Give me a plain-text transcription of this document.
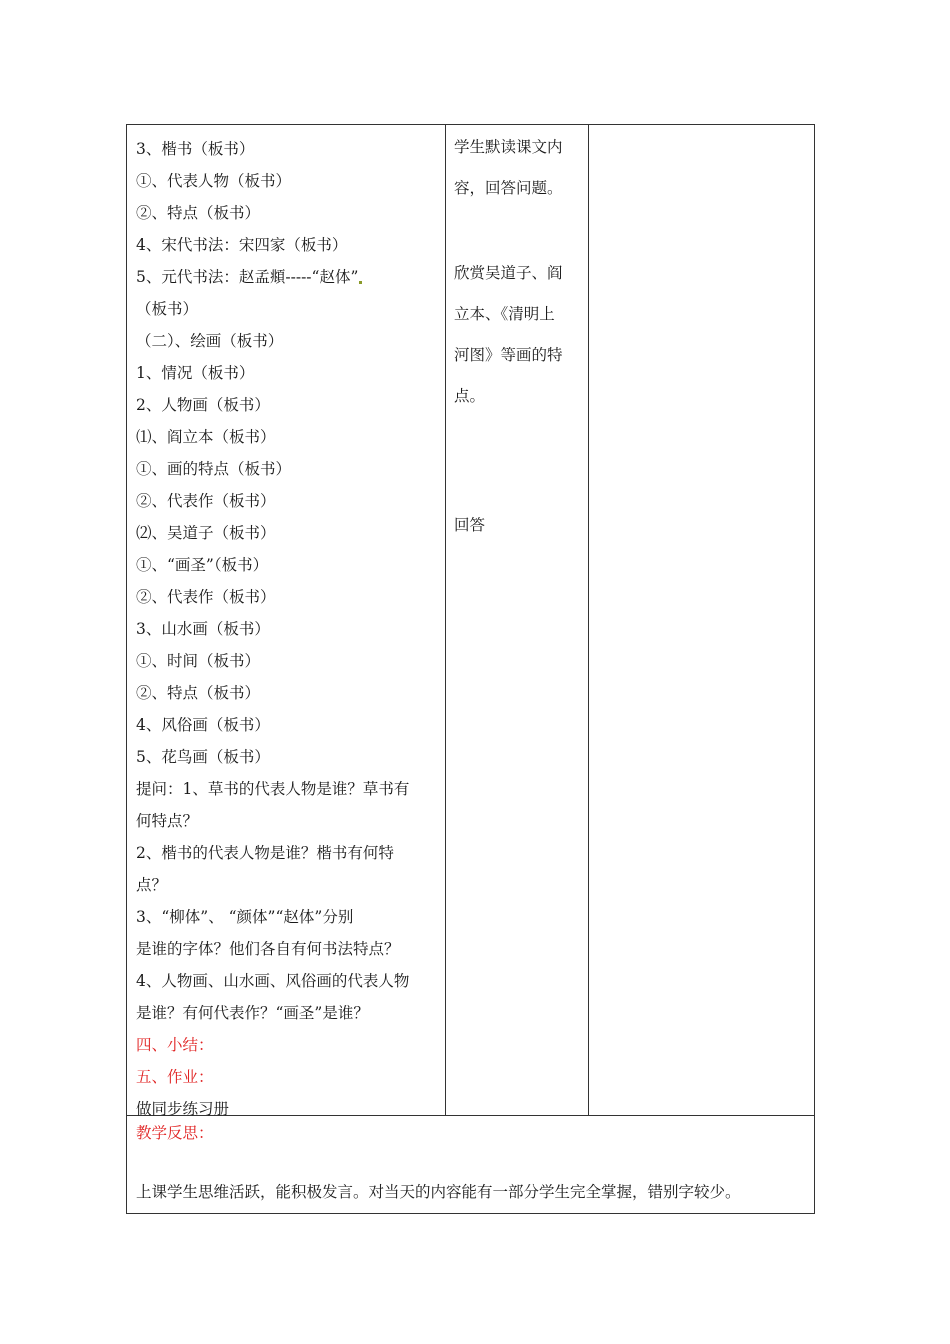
3、楷书（板书）
①、代表人物（板书）
②、特点（板书）
4、宋代书法：宋四家（板书）
5、元代书法：赵孟頫-----“赵体”
（板书）
（二）、绘画（板书）
1、情况（板书）
2、人物画（板书）
⑴、阎立本（板书）
①、画的特点（板书）
②、代表作（板书）
⑵、吴道子（板书）
①、“画圣”（板书）
②、代表作（板书）
3、山水画（板书）
①、时间（板书）
②、特点（板书）
4、风俗画（板书）
5、花鸟画（板书）
提问：1、草书的代表人物是谁？草书有
何特点？
2、楷书的代表人物是谁？楷书有何特
点？
3、“柳体”、 “颜体”“赵体”分别
是谁的字体？他们各自有何书法特点？
4、人物画、山水画、风俗画的代表人物
是谁？有何代表作？“画圣”是谁？
四、小结：
五、作业：
做同步练习册
学生默读课文内
容，回答问题。
欣赏吴道子、阎
立本、《清明上
河图》等画的特
点。
回答
教学反思：
上课学生思维活跃，能积极发言。对当天的内容能有一部分学生完全掌握，错别字较少。
